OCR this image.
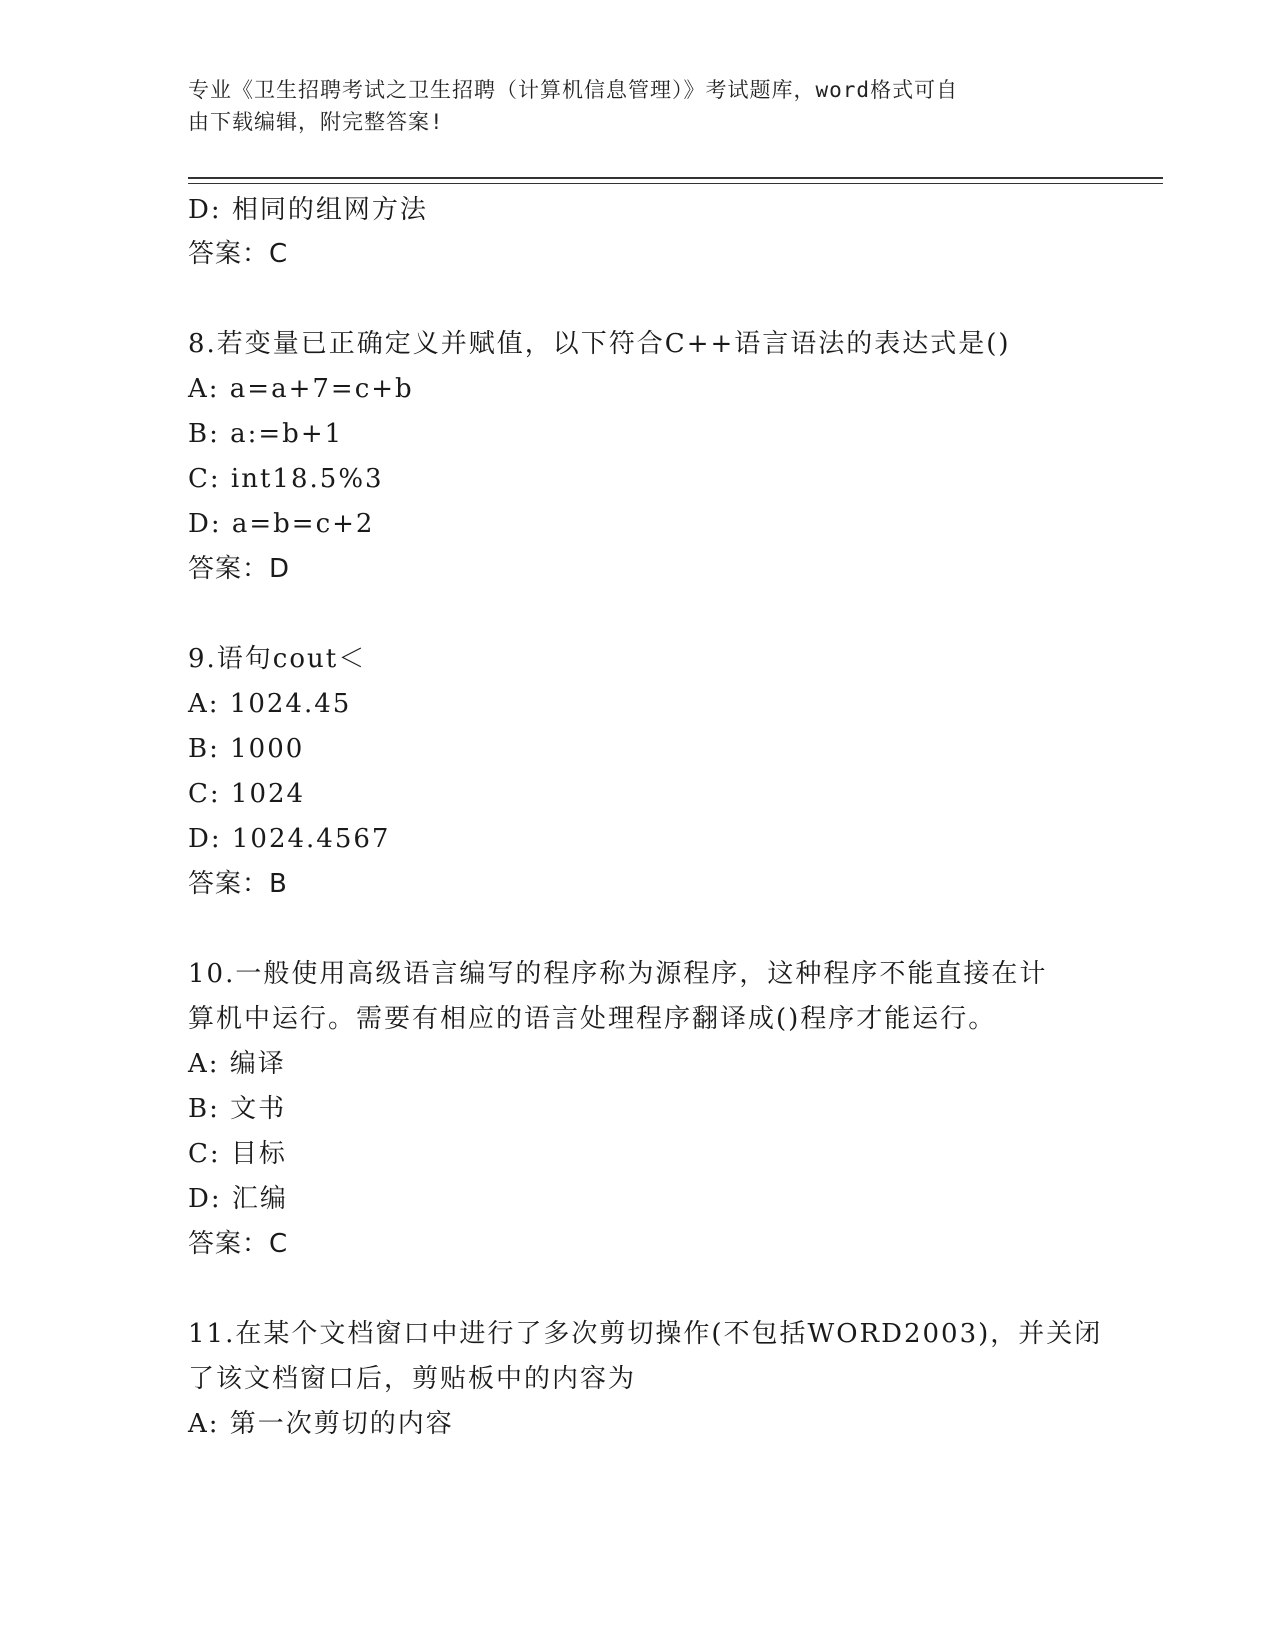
专业《卫生招聘考试之卫生招聘（计算机信息管理）》考试题库，word格式可自
由下载编辑，附完整答案!
D: 相同的组网方法
答案：C
8.若变量已正确定义并赋值，以下符合C++语言语法的表达式是()
A: a=a+7=c+b
B: a:=b+1
C: int18.5%3
D: a=b=c+2
答案：D
9.语句cout＜
A: 1024.45
B: 1000
C: 1024
D: 1024.4567
答案：B
10.一般使用高级语言编写的程序称为源程序，这种程序不能直接在计
算机中运行。需要有相应的语言处理程序翻译成()程序才能运行。
A: 编译
B: 文书
C: 目标
D: 汇编
答案：C
11.在某个文档窗口中进行了多次剪切操作(不包括WORD2003)，并关闭
了该文档窗口后，剪贴板中的内容为
A: 第一次剪切的内容
